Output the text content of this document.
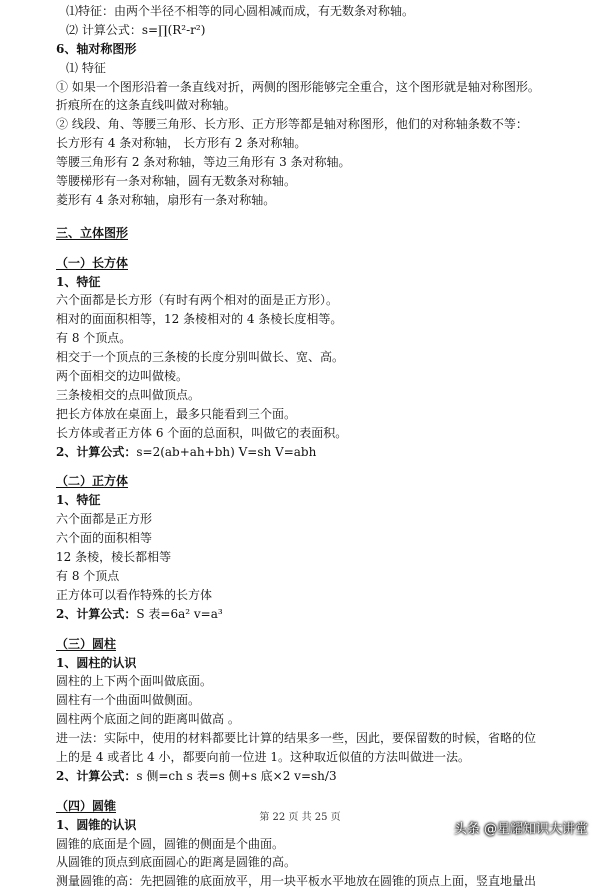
⑴特征：由两个半径不相等的同心圆相减而成，有无数条对称轴。
⑵ 计算公式：s=∏(R²-r²)
6、轴对称图形
⑴ 特征
① 如果一个图形沿着一条直线对折，两侧的图形能够完全重合，这个图形就是轴对称图形。
折痕所在的这条直线叫做对称轴。
② 线段、角、等腰三角形、长方形、正方形等都是轴对称图形，他们的对称轴条数不等：
长方形有 4 条对称轴， 长方形有 2 条对称轴。
等腰三角形有 2 条对称轴，等边三角形有 3 条对称轴。
等腰梯形有一条对称轴，圆有无数条对称轴。
菱形有 4 条对称轴，扇形有一条对称轴。
三、立体图形
（一）长方体
1、特征
六个面都是长方形（有时有两个相对的面是正方形）。
相对的面面积相等，12 条棱相对的 4 条棱长度相等。
有 8 个顶点。
相交于一个顶点的三条棱的长度分别叫做长、宽、高。
两个面相交的边叫做棱。
三条棱相交的点叫做顶点。
把长方体放在桌面上，最多只能看到三个面。
长方体或者正方体 6 个面的总面积，叫做它的表面积。
2、计算公式：s=2(ab+ah+bh) V=sh V=abh
（二）正方体
1、特征
六个面都是正方形
六个面的面积相等
12 条棱，棱长都相等
有 8 个顶点
正方体可以看作特殊的长方体
2、计算公式：S 表=6a² v=a³
（三）圆柱
1、圆柱的认识
圆柱的上下两个面叫做底面。
圆柱有一个曲面叫做侧面。
圆柱两个底面之间的距离叫做高 。
进一法：实际中，使用的材料都要比计算的结果多一些，因此，要保留数的时候，省略的位
上的是 4 或者比 4 小，都要向前一位进 1。这种取近似值的方法叫做进一法。
2、计算公式：s 侧=ch s 表=s 侧+s 底×2 v=sh/3
（四）圆锥
1、圆锥的认识
圆锥的底面是个圆，圆锥的侧面是个曲面。
从圆锥的顶点到底面圆心的距离是圆锥的高。
测量圆锥的高：先把圆锥的底面放平，用一块平板水平地放在圆锥的顶点上面，竖直地量出
第 22 页 共 25 页
头条 @星耀知识大讲堂
